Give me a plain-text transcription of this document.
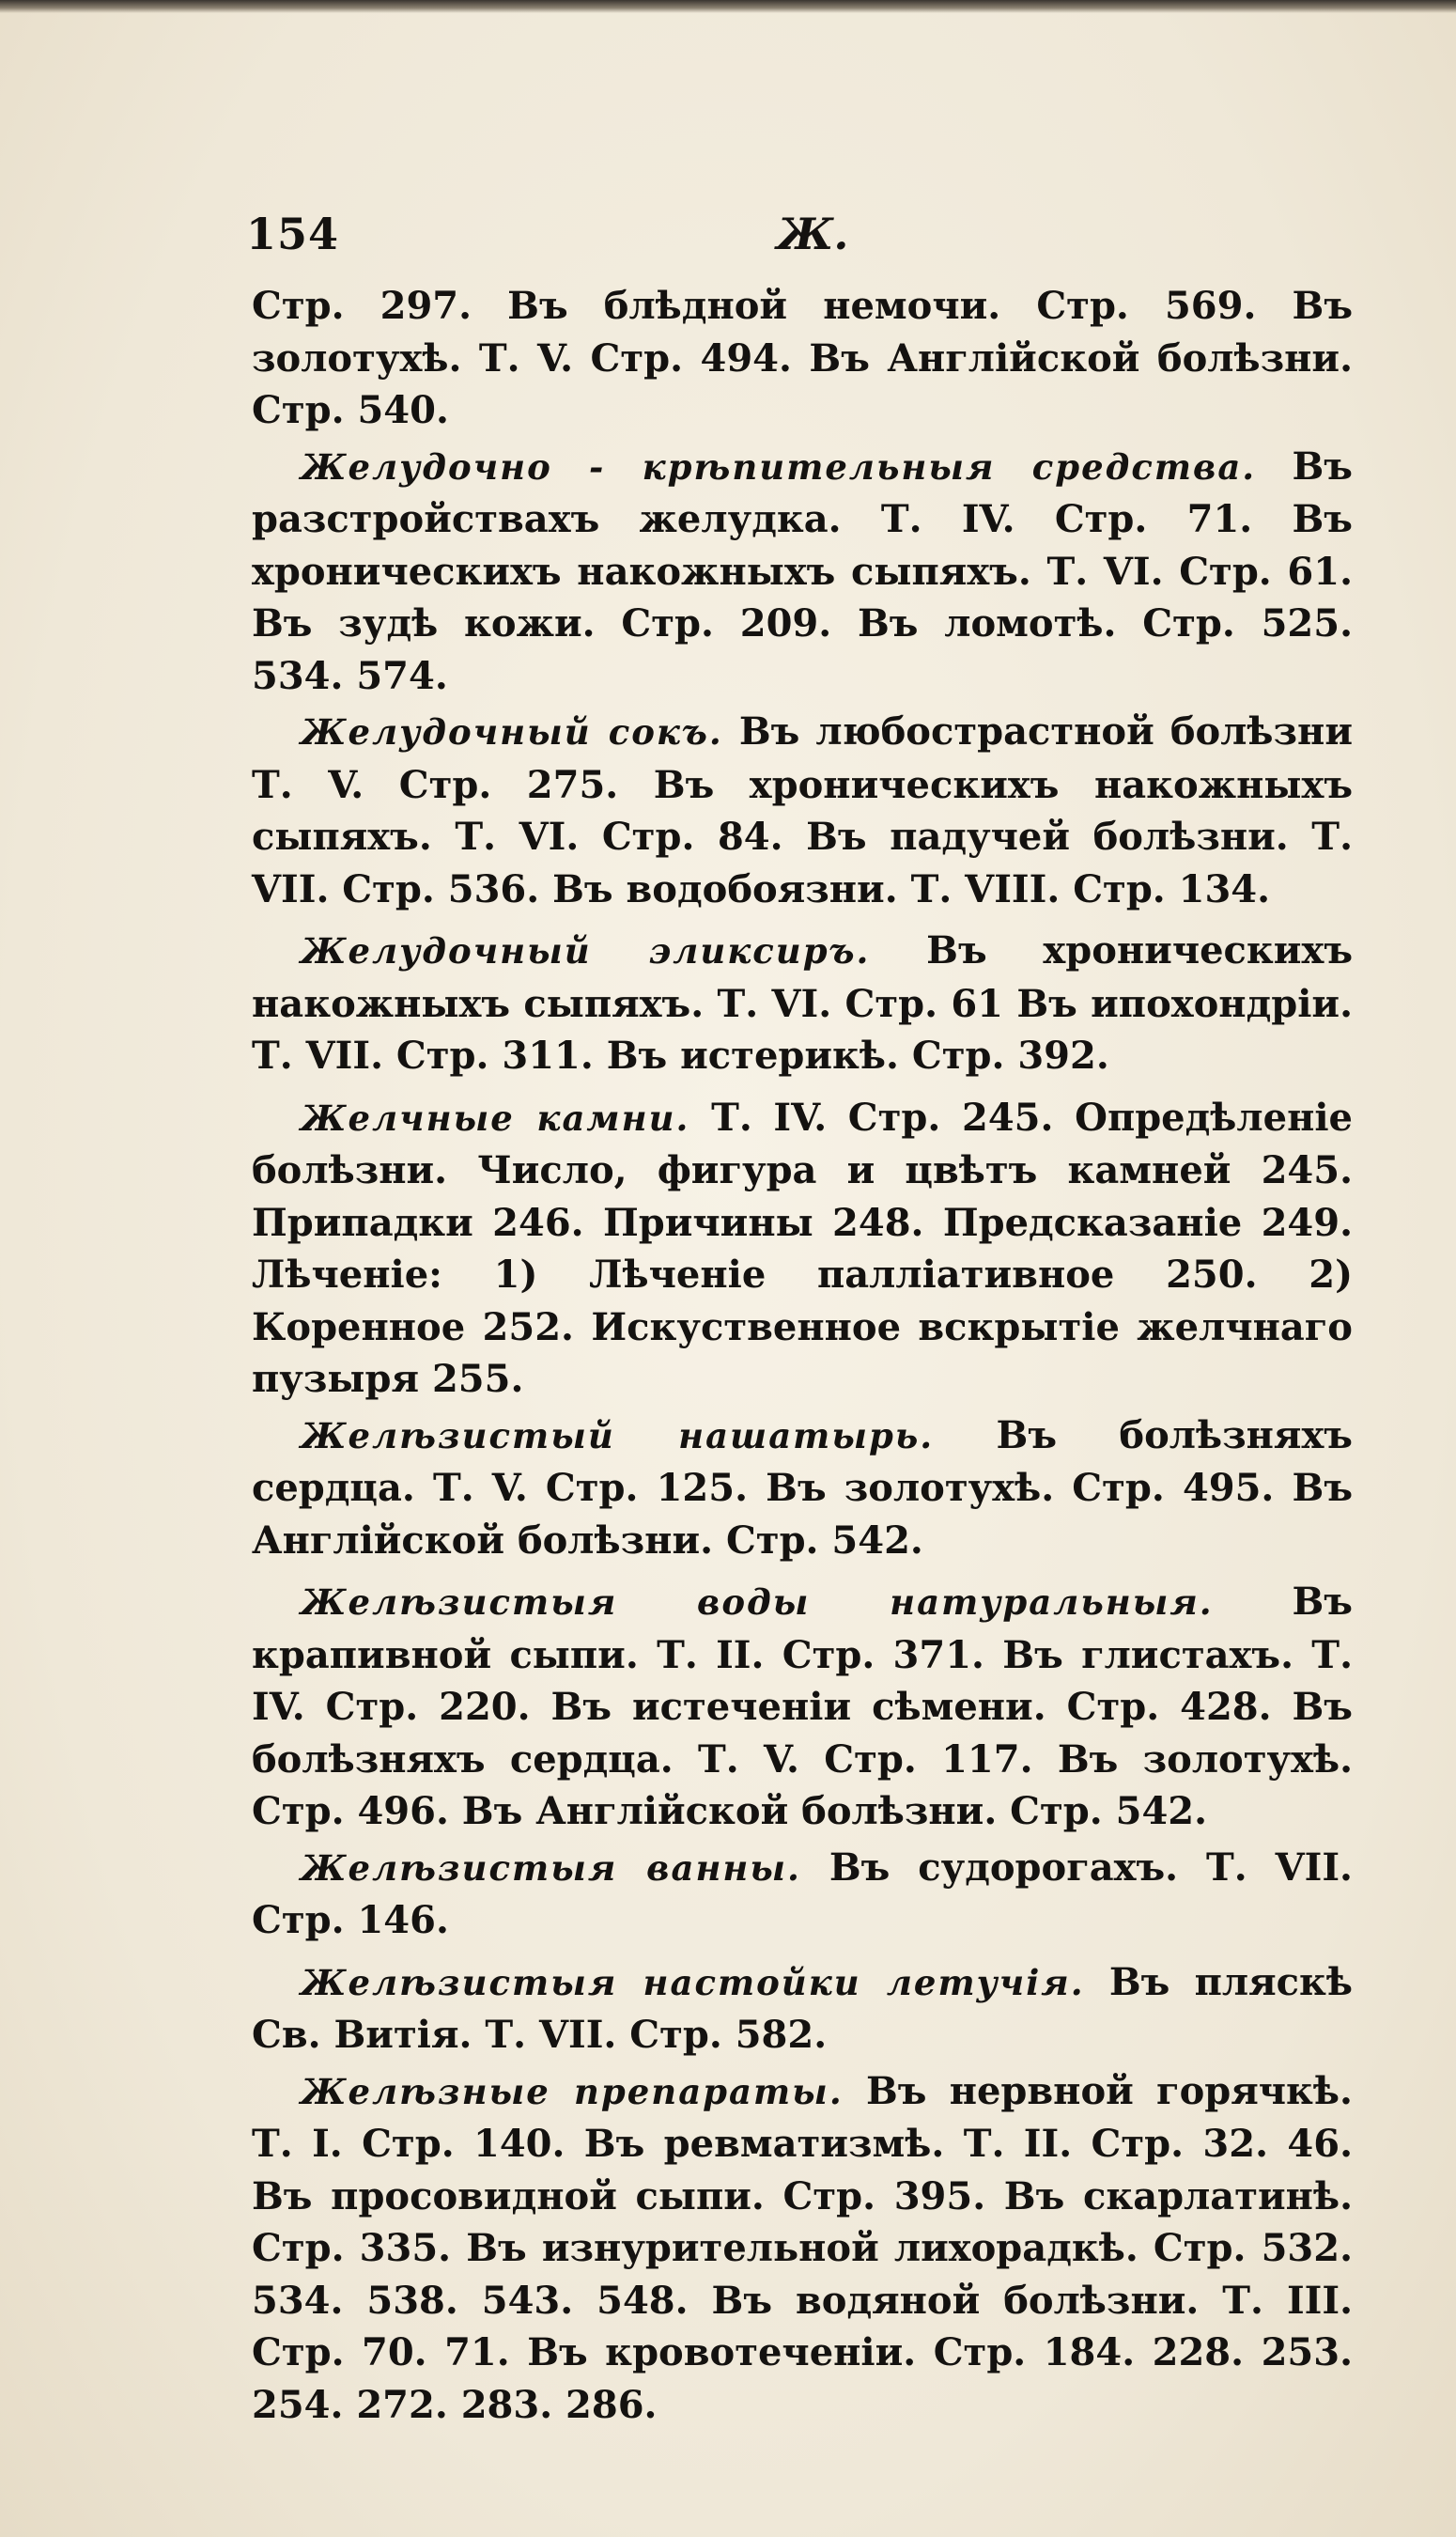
154	Ж.

Стр. 297. Въ блѣдной немочи. Стр. 569. Въ золотухѣ. Т. V. Стр. 494. Въ Англійской болѣзни. Стр. 540.

Желудочно - крѣпительныя средства. Въ разстройствахъ желудка. Т. IV. Стр. 71. Въ хроническихъ накожныхъ сыпяхъ. Т. VI. Стр. 61. Въ зудѣ кожи. Стр. 209. Въ ломотѣ. Стр. 525. 534. 574.

Желудочный сокъ. Въ любострастной болѣзни Т. V. Стр. 275. Въ хроническихъ накожныхъ сыпяхъ. Т. VI. Стр. 84. Въ падучей болѣзни. Т. VII. Стр. 536. Въ водобоязни. Т. VIII. Стр. 134.

Желудочный эликсиръ. Въ хроническихъ накожныхъ сыпяхъ. Т. VI. Стр. 61 Въ ипохондріи. Т. VII. Стр. 311. Въ истерикѣ. Стр. 392.

Желчные камни. Т. IV. Стр. 245. Опредѣленіе болѣзни. Число, фигура и цвѣтъ камней 245. Припадки 246. Причины 248. Предсказаніе 249. Лѣченіе: 1) Лѣченіе паллiативное 250. 2) Коренное 252. Искуственное вскрытіе желчнаго пузыря 255.

Желѣзистый нашатырь. Въ болѣзняхъ сердца. Т. V. Стр. 125. Въ золотухѣ. Стр. 495. Въ Англійской болѣзни. Стр. 542.

Желѣзистыя воды натуральныя. Въ крапивной сыпи. Т. II. Стр. 371. Въ глистахъ. Т. IV. Стр. 220. Въ истеченіи сѣмени. Стр. 428. Въ болѣзняхъ сердца. Т. V. Стр. 117. Въ золотухѣ. Стр. 496. Въ Англійской болѣзни. Стр. 542.

Желѣзистыя ванны. Въ судорогахъ. Т. VII. Стр. 146.

Желѣзистыя настойки летучія. Въ пляскѣ Св. Витія. Т. VII. Стр. 582.

Желѣзные препараты. Въ нервной горячкѣ. Т. I. Стр. 140. Въ ревматизмѣ. Т. II. Стр. 32. 46. Въ просовидной сыпи. Стр. 395. Въ скарлатинѣ. Стр. 335. Въ изнурительной лихорадкѣ. Стр. 532. 534. 538. 543. 548. Въ водяной болѣзни. Т. III. Стр. 70. 71. Въ кровотеченіи. Стр. 184. 228. 253. 254. 272. 283. 286.
